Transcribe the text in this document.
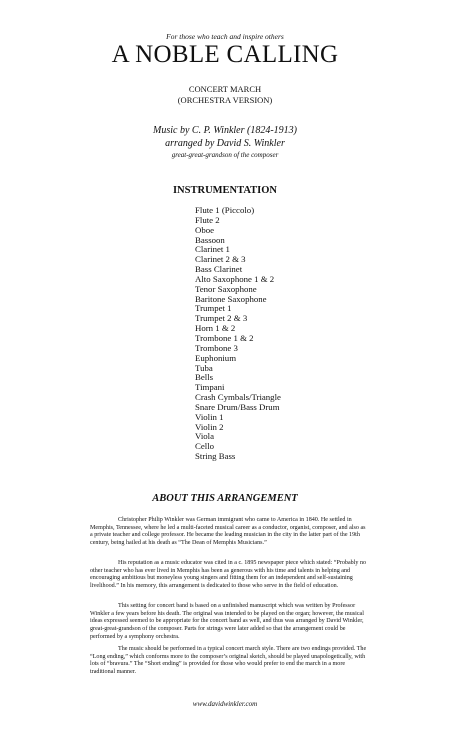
For those who teach and inspire others
A NOBLE CALLING
CONCERT MARCH
(ORCHESTRA VERSION)
Music by C. P. Winkler (1824-1913)
arranged by David S. Winkler
great-great-grandson of the composer
INSTRUMENTATION
Flute 1 (Piccolo)
Flute 2
Oboe
Bassoon
Clarinet 1
Clarinet 2 & 3
Bass Clarinet
Alto Saxophone 1 & 2
Tenor Saxophone
Baritone Saxophone
Trumpet 1
Trumpet 2 & 3
Horn 1 & 2
Trombone 1 & 2
Trombone 3
Euphonium
Tuba
Bells
Timpani
Crash Cymbals/Triangle
Snare Drum/Bass Drum
Violin 1
Violin 2
Viola
Cello
String Bass
ABOUT THIS ARRANGEMENT

Christopher Philip Winkler was German immigrant who came to America in 1840. He settled in Memphis, Tennessee, where he led a multi-faceted musical career as a conductor, organist, composer, and also as a private teacher and college professor. He became the leading musician in the city in the latter part of the 19th century, being hailed at his death as “The Dean of Memphis Musicians.”

His reputation as a music educator was cited in a c. 1895 newspaper piece which stated: “Probably no other teacher who has ever lived in Memphis has been as generous with his time and talents in helping and encouraging ambitious but moneyless young singers and fitting them for an independent and self-sustaining livelihood.” In his memory, this arrangement is dedicated to those who serve in the field of education.

This setting for concert band is based on a unfinished manuscript which was written by Professor Winkler a few years before his death. The original was intended to be played on the organ; however, the musical ideas expressed seemed to be appropriate for the concert band as well, and thus was arranged by David Winkler, great-great-grandson of the composer. Parts for strings were later added so that the arrangement could be performed by a symphony orchestra.

The music should be performed in a typical concert march style. There are two endings provided. The “Long ending,” which conforms more to the composer’s original sketch, should be played unapologetically, with lots of “bravura.” The “Short ending” is provided for those who would prefer to end the march in a more traditional manner.

www.davidwinkler.com
